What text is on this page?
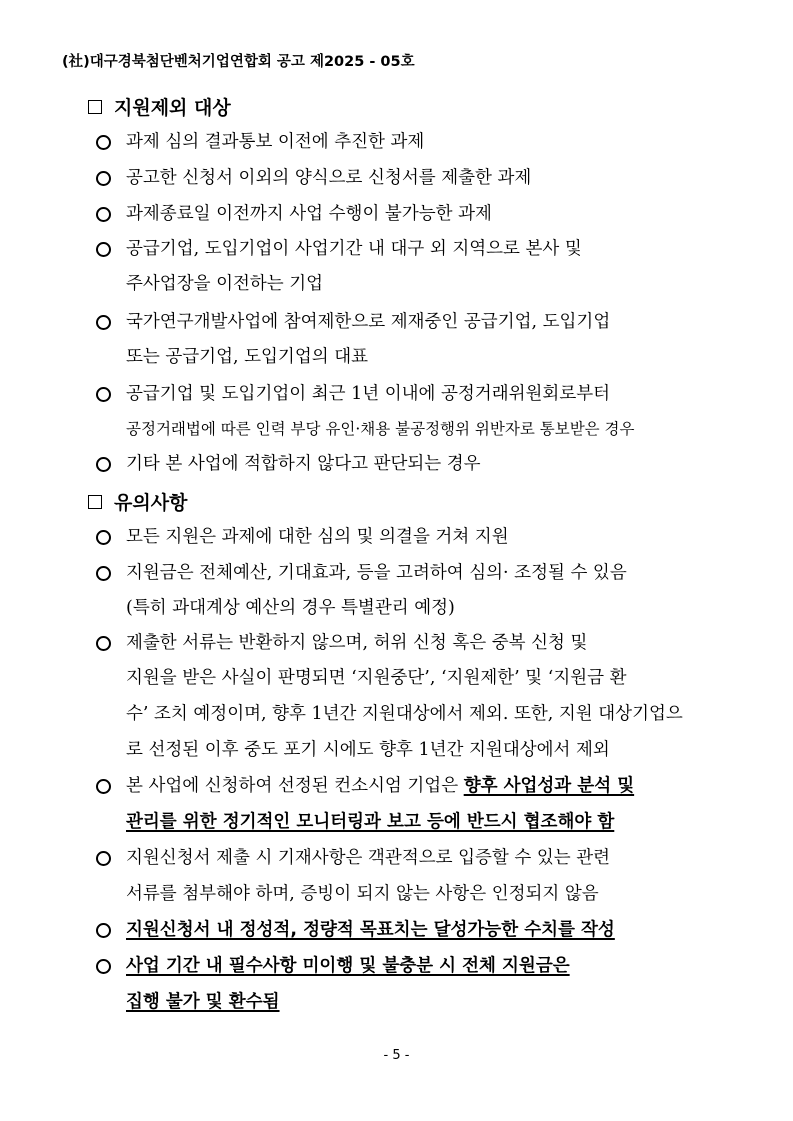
(社)대구경북첨단벤처기업연합회 공고 제2025 - 05호
지원제외 대상
과제 심의 결과통보 이전에 추진한 과제
공고한 신청서 이외의 양식으로 신청서를 제출한 과제
과제종료일 이전까지 사업 수행이 불가능한 과제
공급기업, 도입기업이 사업기간 내 대구 외 지역으로 본사 및
주사업장을 이전하는 기업
국가연구개발사업에 참여제한으로 제재중인 공급기업, 도입기업
또는 공급기업, 도입기업의 대표
공급기업 및 도입기업이 최근 1년 이내에 공정거래위원회로부터
공정거래법에 따른 인력 부당 유인·채용 불공정행위 위반자로 통보받은 경우
기타 본 사업에 적합하지 않다고 판단되는 경우
유의사항
모든 지원은 과제에 대한 심의 및 의결을 거쳐 지원
지원금은 전체예산, 기대효과, 등을 고려하여 심의· 조정될 수 있음
(특히 과대계상 예산의 경우 특별관리 예정)
제출한 서류는 반환하지 않으며, 허위 신청 혹은 중복 신청 및
지원을 받은 사실이 판명되면 ‘지원중단’, ‘지원제한’ 및 ‘지원금 환
수’ 조치 예정이며, 향후 1년간 지원대상에서 제외. 또한, 지원 대상기업으
로 선정된 이후 중도 포기 시에도 향후 1년간 지원대상에서 제외
본 사업에 신청하여 선정된 컨소시엄 기업은
향후 사업성과 분석 및
관리를 위한 정기적인 모니터링과 보고 등에 반드시 협조해야 함
지원신청서 제출 시 기재사항은 객관적으로 입증할 수 있는 관련
서류를 첨부해야 하며, 증빙이 되지 않는 사항은 인정되지 않음
지원신청서 내 정성적, 정량적 목표치는 달성가능한 수치를 작성
사업 기간 내 필수사항 미이행 및 불충분 시 전체 지원금은
집행 불가 및 환수됨
- 5 -
